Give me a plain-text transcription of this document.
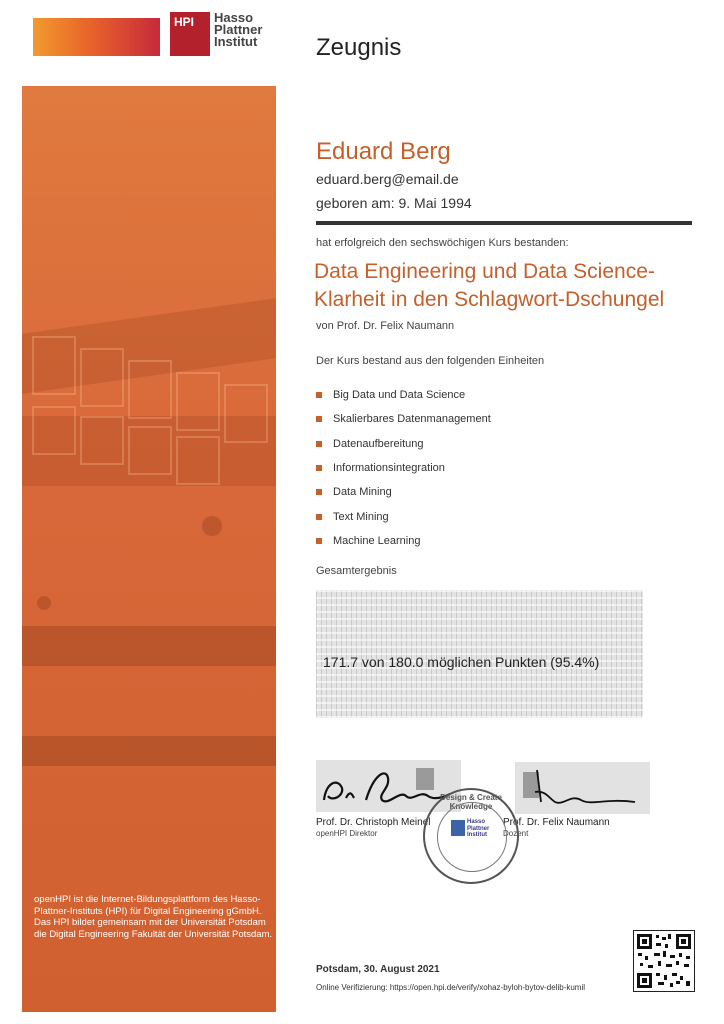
HPI	Hasso
Plattner
Institut Zeugnis
openHPI ist die Internet-Bildungsplattform des Hasso-Plattner-Instituts (HPI) für Digital Engineering gGmbH. Das HPI bildet gemeinsam mit der Universität Potsdam die Digital Engineering Fakultät der Universität Potsdam.
Eduard Berg
eduard.berg@email.de
geboren am: 9. Mai 1994
hat erfolgreich den sechswöchigen Kurs bestanden:
Data Engineering und Data Science-
Klarheit in den Schlagwort-Dschungel
von Prof. Dr. Felix Naumann
Der Kurs bestand aus den folgenden Einheiten
Big Data und Data Science
Skalierbares Datenmanagement
Datenaufbereitung
Informationsintegration
Data Mining
Text Mining
Machine Learning
Gesamtergebnis
171.7 von 180.0 möglichen Punkten (95.4%)
Prof. Dr. Christoph Meinel
openHPI Direktor
Prof. Dr. Felix Naumann
Dozent
Design & Create Knowledge
Hasso
Plattner
Institut
Potsdam, 30. August 2021
Online Verifizierung: https://open.hpi.de/verify/xohaz-byloh-bytov-delib-kumil
